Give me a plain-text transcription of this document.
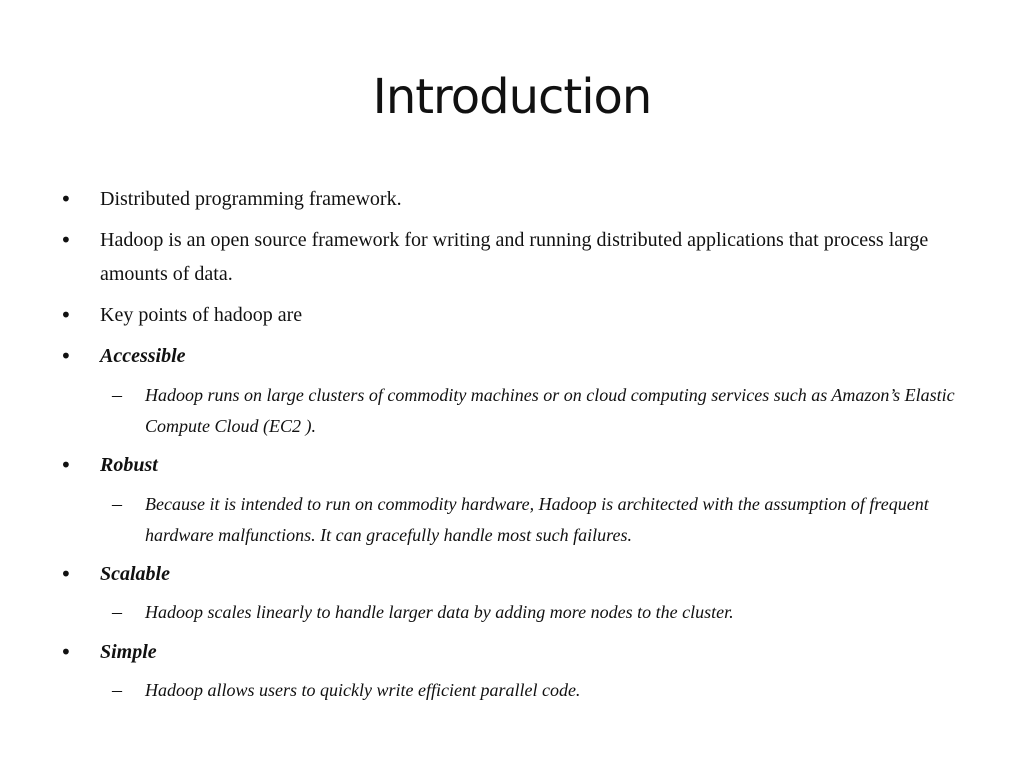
Introduction
• Distributed programming framework.
• Hadoop is an open source framework for writing and running distributed applications that process large amounts of data.
• Key points of hadoop are
• Accessible
– Hadoop runs on large clusters of commodity machines or on cloud computing services such as Amazon’s Elastic Compute Cloud (EC2 ).
• Robust
– Because it is intended to run on commodity hardware, Hadoop is architected with the assumption of frequent hardware malfunctions. It can gracefully handle most such failures.
• Scalable
– Hadoop scales linearly to handle larger data by adding more nodes to the cluster.
• Simple
– Hadoop allows users to quickly write efficient parallel code.
